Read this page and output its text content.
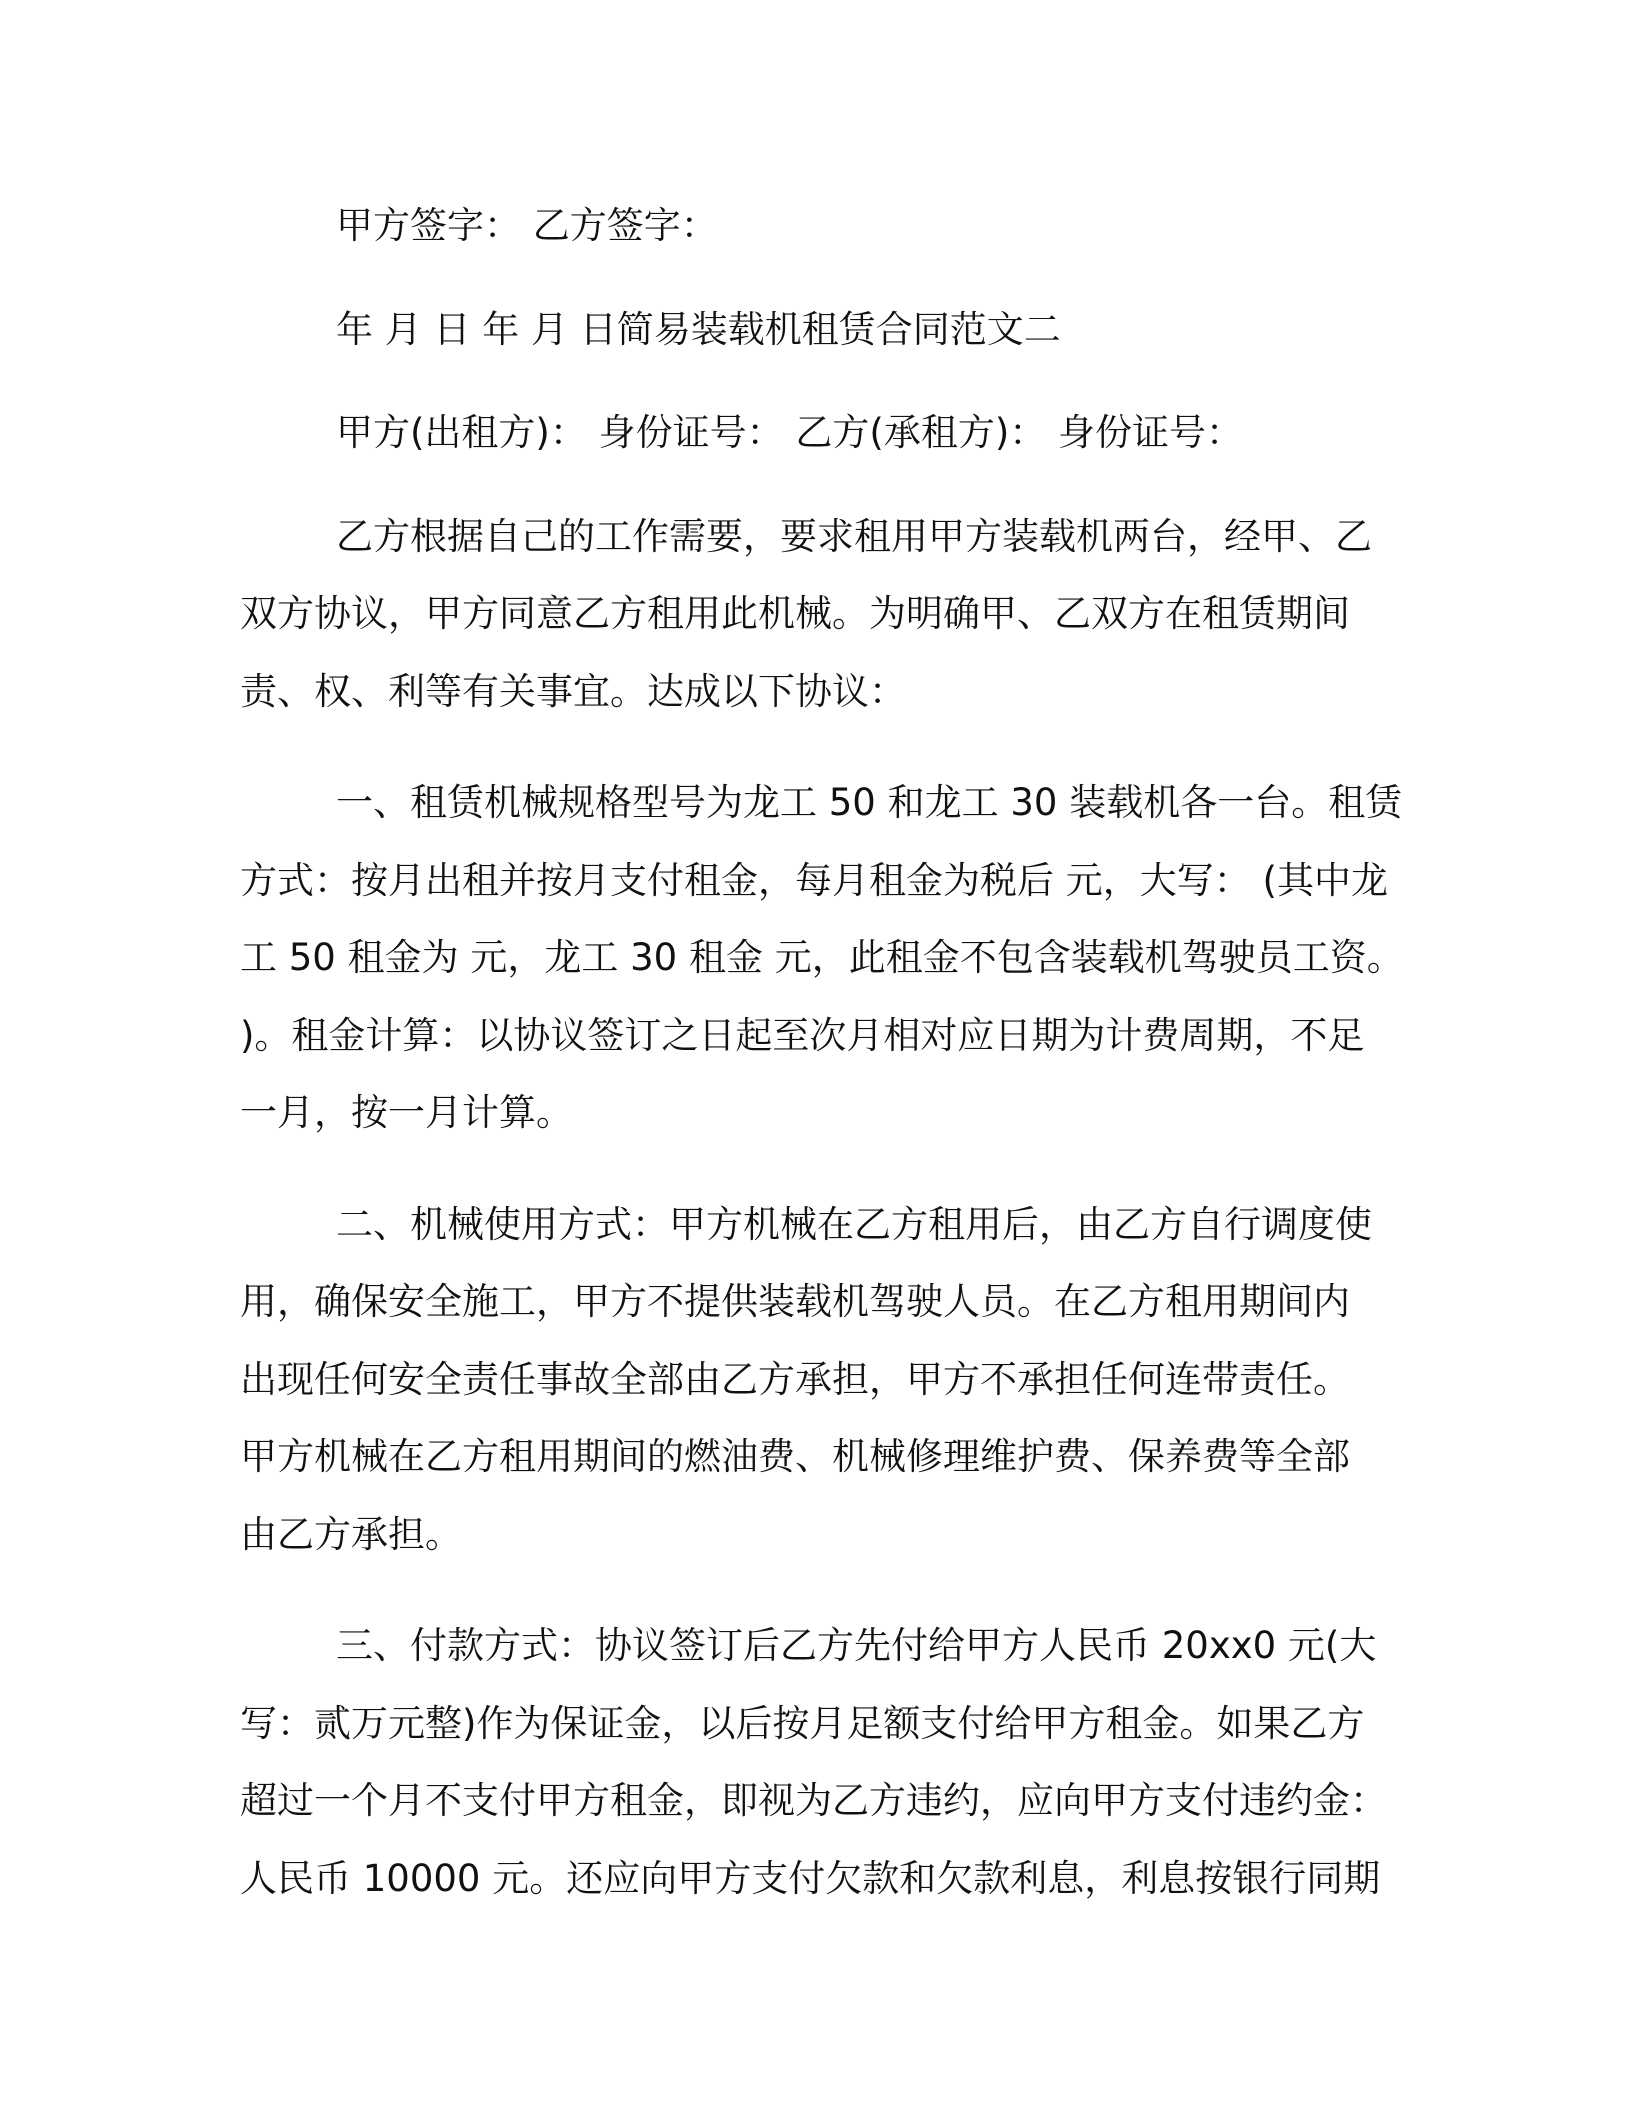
甲方签字： 乙方签字：
年 月 日 年 月 日简易装载机租赁合同范文二
甲方(出租方)： 身份证号： 乙方(承租方)： 身份证号：
乙方根据自己的工作需要，要求租用甲方装载机两台，经甲、乙
双方协议，甲方同意乙方租用此机械。为明确甲、乙双方在租赁期间
责、权、利等有关事宜。达成以下协议：
一、租赁机械规格型号为龙工 50 和龙工 30 装载机各一台。租赁
方式：按月出租并按月支付租金，每月租金为税后 元，大写： (其中龙
工 50 租金为 元，龙工 30 租金 元，此租金不包含装载机驾驶员工资。
)。租金计算：以协议签订之日起至次月相对应日期为计费周期，不足
一月，按一月计算。
二、机械使用方式：甲方机械在乙方租用后，由乙方自行调度使
用，确保安全施工，甲方不提供装载机驾驶人员。在乙方租用期间内
出现任何安全责任事故全部由乙方承担，甲方不承担任何连带责任。
甲方机械在乙方租用期间的燃油费、机械修理维护费、保养费等全部
由乙方承担。
三、付款方式：协议签订后乙方先付给甲方人民币 20xx0 元(大
写：贰万元整)作为保证金，以后按月足额支付给甲方租金。如果乙方
超过一个月不支付甲方租金，即视为乙方违约，应向甲方支付违约金：
人民币 10000 元。还应向甲方支付欠款和欠款利息，利息按银行同期
